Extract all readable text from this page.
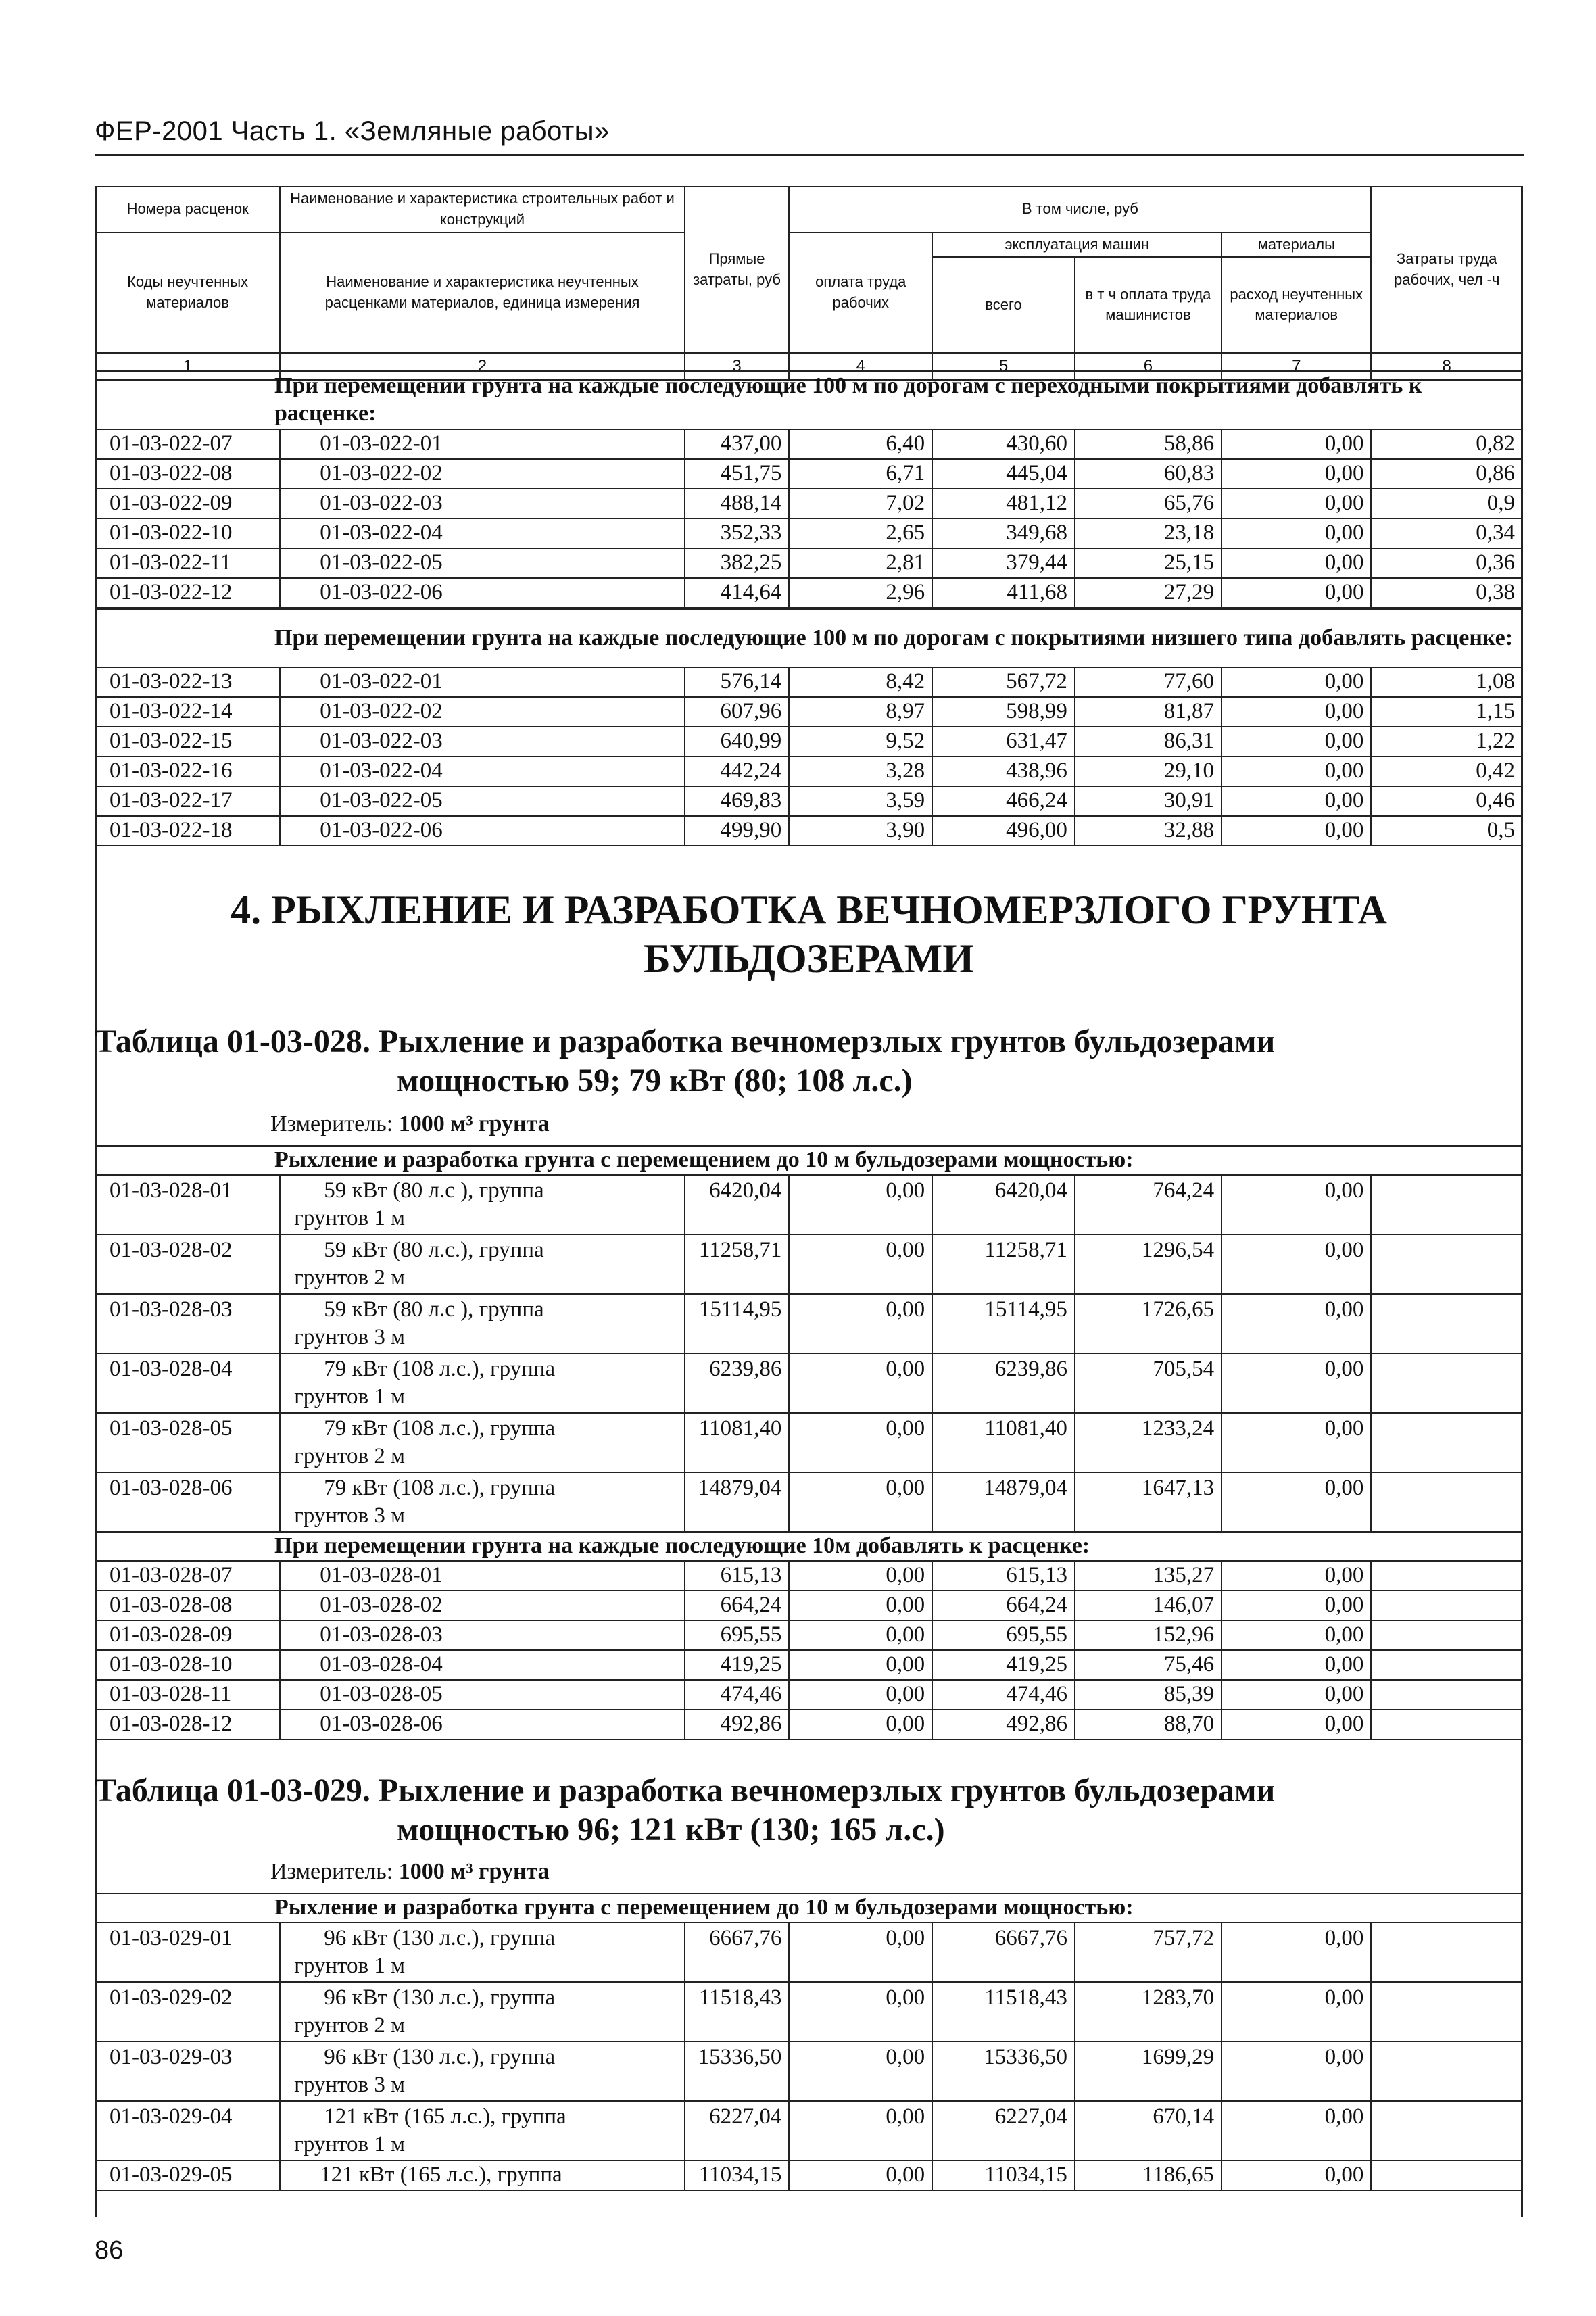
ФЕР-2001 Часть 1. «Земляные работы»
Номера расценок	Наименование и характеристика строительных работ и конструкций	Прямые затраты, руб	В том числе, руб				Затраты труда рабочих, чел -ч
Коды неучтенных материалов	Наименование и характеристика неучтенных расценками материалов, единица измерения		оплата труда рабочих	эксплуатация машин		материалы	
				всего	в т ч оплата труда машинистов	расход неучтенных материалов	
1	2	3	4	5	6	7	8
При перемещении грунта на каждые последующие 100 м по дорогам с переходными покрытиями добавлять к расценке:							
01-03-022-07	01-03-022-01	437,00	6,40	430,60	58,86	0,00	0,82
01-03-022-08	01-03-022-02	451,75	6,71	445,04	60,83	0,00	0,86
01-03-022-09	01-03-022-03	488,14	7,02	481,12	65,76	0,00	0,9
01-03-022-10	01-03-022-04	352,33	2,65	349,68	23,18	0,00	0,34
01-03-022-11	01-03-022-05	382,25	2,81	379,44	25,15	0,00	0,36
01-03-022-12	01-03-022-06	414,64	2,96	411,68	27,29	0,00	0,38
При перемещении грунта на каждые последующие 100 м по дорогам с покрытиями низшего типа добавлять расценке:							
01-03-022-13	01-03-022-01	576,14	8,42	567,72	77,60	0,00	1,08
01-03-022-14	01-03-022-02	607,96	8,97	598,99	81,87	0,00	1,15
01-03-022-15	01-03-022-03	640,99	9,52	631,47	86,31	0,00	1,22
01-03-022-16	01-03-022-04	442,24	3,28	438,96	29,10	0,00	0,42
01-03-022-17	01-03-022-05	469,83	3,59	466,24	30,91	0,00	0,46
01-03-022-18	01-03-022-06	499,90	3,90	496,00	32,88	0,00	0,5
4. РЫХЛЕНИЕ И РАЗРАБОТКА ВЕЧНОМЕРЗЛОГО ГРУНТА
БУЛЬДОЗЕРАМИ
Таблица 01-03-028. Рыхление и разработка вечномерзлых грунтов бульдозерами
мощностью 59; 79 кВт (80; 108 л.с.)
Измеритель: 1000 м³ грунта
Рыхление и разработка грунта с перемещением до 10 м бульдозерами мощностью:							
01-03-028-01	59 кВт (80 л.с ), группа
грунтов 1 м	6420,04	0,00	6420,04	764,24	0,00	
01-03-028-02	59 кВт (80 л.с.), группа
грунтов 2 м	11258,71	0,00	11258,71	1296,54	0,00	
01-03-028-03	59 кВт (80 л.с ), группа
грунтов 3 м	15114,95	0,00	15114,95	1726,65	0,00	
01-03-028-04	79 кВт (108 л.с.), группа
грунтов 1 м	6239,86	0,00	6239,86	705,54	0,00	
01-03-028-05	79 кВт (108 л.с.), группа
грунтов 2 м	11081,40	0,00	11081,40	1233,24	0,00	
01-03-028-06	79 кВт (108 л.с.), группа
грунтов 3 м	14879,04	0,00	14879,04	1647,13	0,00	
При перемещении грунта на каждые последующие 10м добавлять к расценке:							
01-03-028-07	01-03-028-01	615,13	0,00	615,13	135,27	0,00	
01-03-028-08	01-03-028-02	664,24	0,00	664,24	146,07	0,00	
01-03-028-09	01-03-028-03	695,55	0,00	695,55	152,96	0,00	
01-03-028-10	01-03-028-04	419,25	0,00	419,25	75,46	0,00	
01-03-028-11	01-03-028-05	474,46	0,00	474,46	85,39	0,00	
01-03-028-12	01-03-028-06	492,86	0,00	492,86	88,70	0,00	
Таблица 01-03-029. Рыхление и разработка вечномерзлых грунтов бульдозерами
мощностью 96; 121 кВт (130; 165 л.с.)
Измеритель: 1000 м³ грунта
Рыхление и разработка грунта с перемещением до 10 м бульдозерами мощностью:							
01-03-029-01	96 кВт (130 л.с.), группа
грунтов 1 м	6667,76	0,00	6667,76	757,72	0,00	
01-03-029-02	96 кВт (130 л.с.), группа
грунтов 2 м	11518,43	0,00	11518,43	1283,70	0,00	
01-03-029-03	96 кВт (130 л.с.), группа
грунтов 3 м	15336,50	0,00	15336,50	1699,29	0,00	
01-03-029-04	121 кВт (165 л.с.), группа
грунтов 1 м	6227,04	0,00	6227,04	670,14	0,00	
01-03-029-05	121 кВт (165 л.с.), группа	11034,15	0,00	11034,15	1186,65	0,00	
86
